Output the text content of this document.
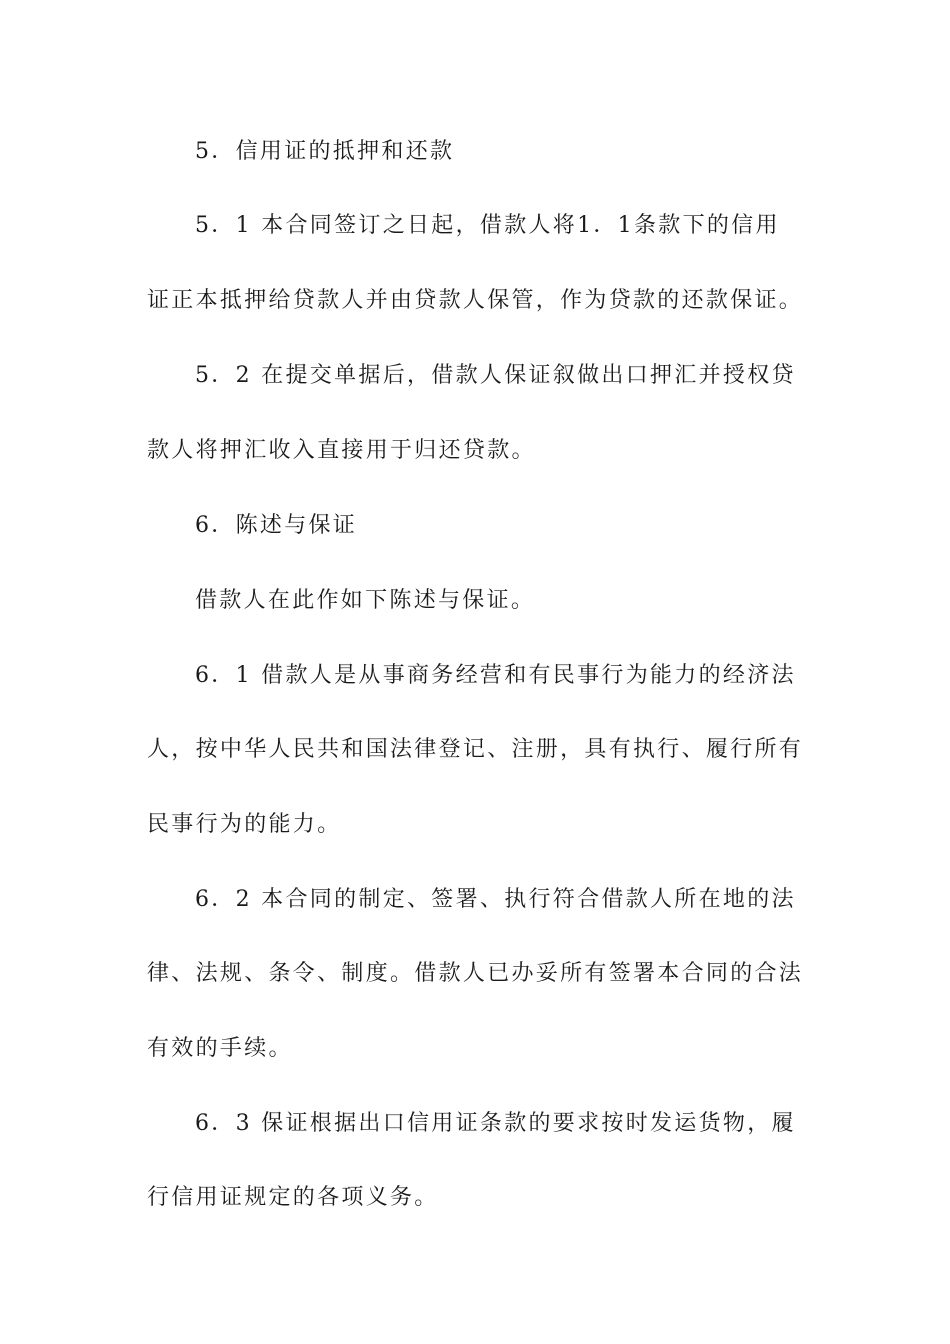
5．信用证的抵押和还款

5．1 本合同签订之日起，借款人将1．1条款下的信用

证正本抵押给贷款人并由贷款人保管，作为贷款的还款保证。

5．2 在提交单据后，借款人保证叙做出口押汇并授权贷

款人将押汇收入直接用于归还贷款。

6．陈述与保证

借款人在此作如下陈述与保证。

6．1 借款人是从事商务经营和有民事行为能力的经济法

人，按中华人民共和国法律登记、注册，具有执行、履行所有

民事行为的能力。

6．2 本合同的制定、签署、执行符合借款人所在地的法

律、法规、条令、制度。借款人已办妥所有签署本合同的合法

有效的手续。

6．3 保证根据出口信用证条款的要求按时发运货物，履

行信用证规定的各项义务。
